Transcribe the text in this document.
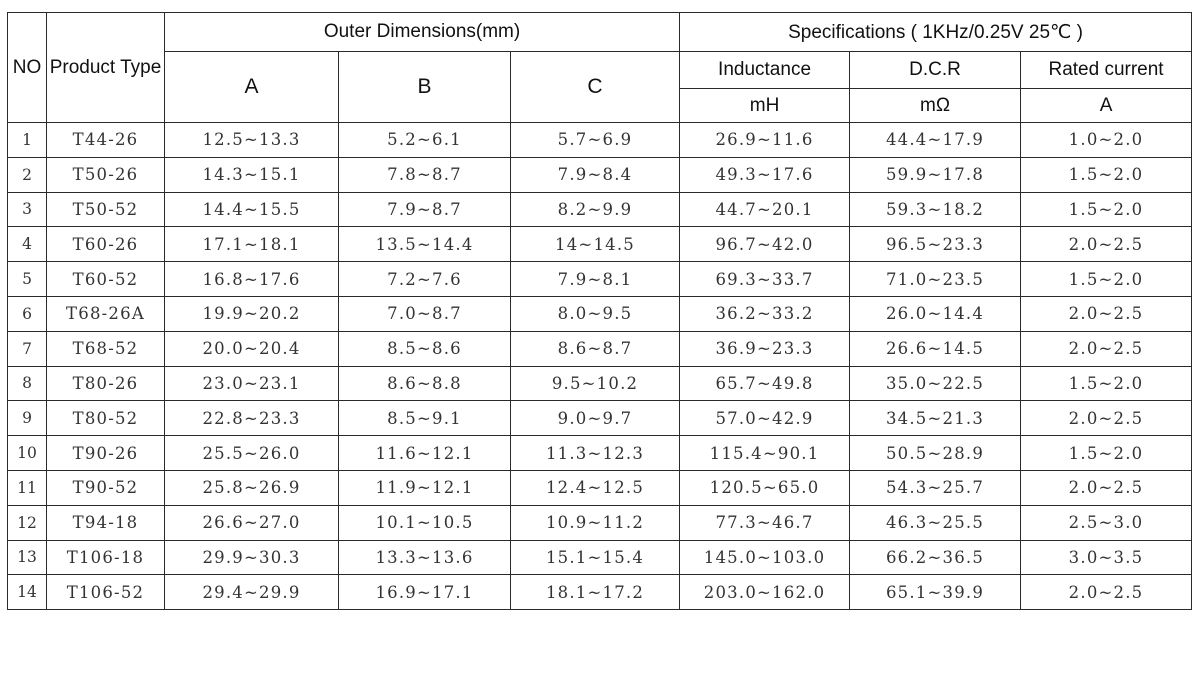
NO	Product Type	Outer Dimensions(mm)			Specifications ( 1KHz/0.25V 25℃ )		
		A	B	C	Inductance	D.C.R	Rated current
					mH	mΩ	A
1	T44-26	12.5~13.3	5.2~6.1	5.7~6.9	26.9~11.6	44.4~17.9	1.0~2.0
2	T50-26	14.3~15.1	7.8~8.7	7.9~8.4	49.3~17.6	59.9~17.8	1.5~2.0
3	T50-52	14.4~15.5	7.9~8.7	8.2~9.9	44.7~20.1	59.3~18.2	1.5~2.0
4	T60-26	17.1~18.1	13.5~14.4	14~14.5	96.7~42.0	96.5~23.3	2.0~2.5
5	T60-52	16.8~17.6	7.2~7.6	7.9~8.1	69.3~33.7	71.0~23.5	1.5~2.0
6	T68-26A	19.9~20.2	7.0~8.7	8.0~9.5	36.2~33.2	26.0~14.4	2.0~2.5
7	T68-52	20.0~20.4	8.5~8.6	8.6~8.7	36.9~23.3	26.6~14.5	2.0~2.5
8	T80-26	23.0~23.1	8.6~8.8	9.5~10.2	65.7~49.8	35.0~22.5	1.5~2.0
9	T80-52	22.8~23.3	8.5~9.1	9.0~9.7	57.0~42.9	34.5~21.3	2.0~2.5
10	T90-26	25.5~26.0	11.6~12.1	11.3~12.3	115.4~90.1	50.5~28.9	1.5~2.0
11	T90-52	25.8~26.9	11.9~12.1	12.4~12.5	120.5~65.0	54.3~25.7	2.0~2.5
12	T94-18	26.6~27.0	10.1~10.5	10.9~11.2	77.3~46.7	46.3~25.5	2.5~3.0
13	T106-18	29.9~30.3	13.3~13.6	15.1~15.4	145.0~103.0	66.2~36.5	3.0~3.5
14	T106-52	29.4~29.9	16.9~17.1	18.1~17.2	203.0~162.0	65.1~39.9	2.0~2.5
